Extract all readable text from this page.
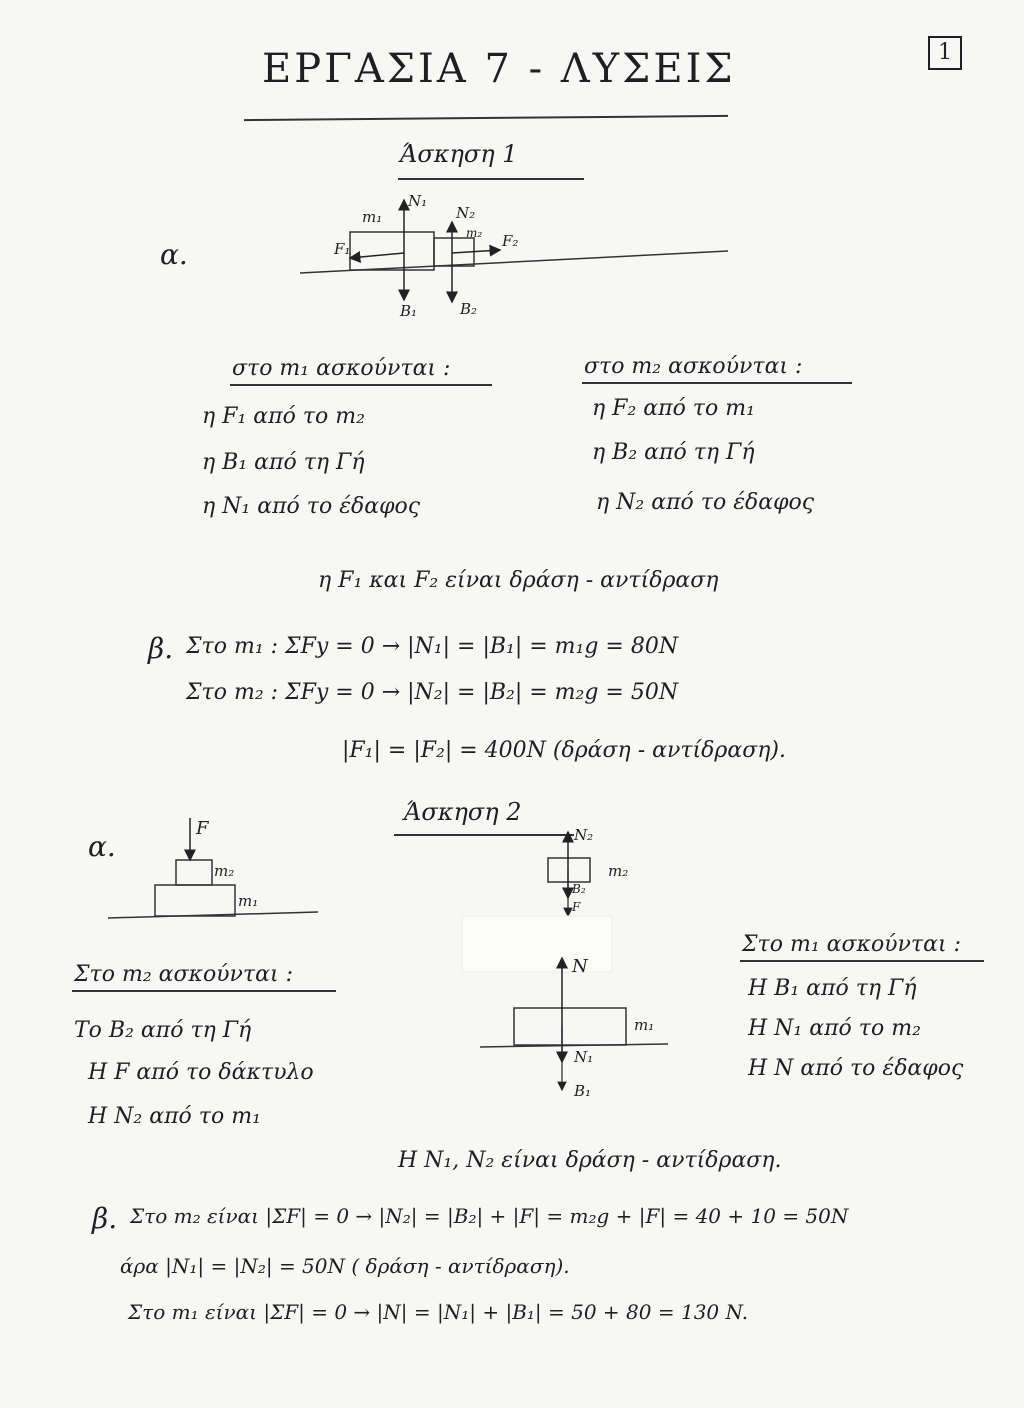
ΕΡΓΑΣΙΑ 7 - ΛΥΣΕΙΣ	1
Άσκηση 1
α.
m₁
N₁
N₂
m₂
F₁	F₂
B₁	B₂
στο m₁ ασκούνται :
η F₁ από το m₂
η B₁ από τη Γή
η N₁ από το έδαφος
στο m₂ ασκούνται :
η F₂ από το m₁
η B₂ από τη Γή
η N₂ από το έδαφος
η F₁ και F₂ είναι δράση - αντίδραση
β. Στο m₁ : ΣFy = 0 → |N₁| = |B₁| = m₁g = 80N
Στο m₂ : ΣFy = 0 → |N₂| = |B₂| = m₂g = 50N
|F₁| = |F₂| = 400N (δράση - αντίδραση).
Άσκηση 2
α.
F
m₂
m₁
N₂
m₂
B₂
F
N
m₁
N₁
B₁
Στο m₂ ασκούνται :
Το B₂ από τη Γή
Η F από το δάκτυλο
Η N₂ από το m₁
Στο m₁ ασκούνται :
Η B₁ από τη Γή
Η N₁ από το m₂
Η N από το έδαφος
Η N₁, N₂ είναι δράση - αντίδραση.
β. Στο m₂ είναι |ΣF| = 0 → |N₂| = |B₂| + |F| = m₂g + |F| = 40 + 10 = 50N
άρα |N₁| = |N₂| = 50N ( δράση - αντίδραση).
Στο m₁ είναι |ΣF| = 0 → |N| = |N₁| + |B₁| = 50 + 80 = 130 N.
